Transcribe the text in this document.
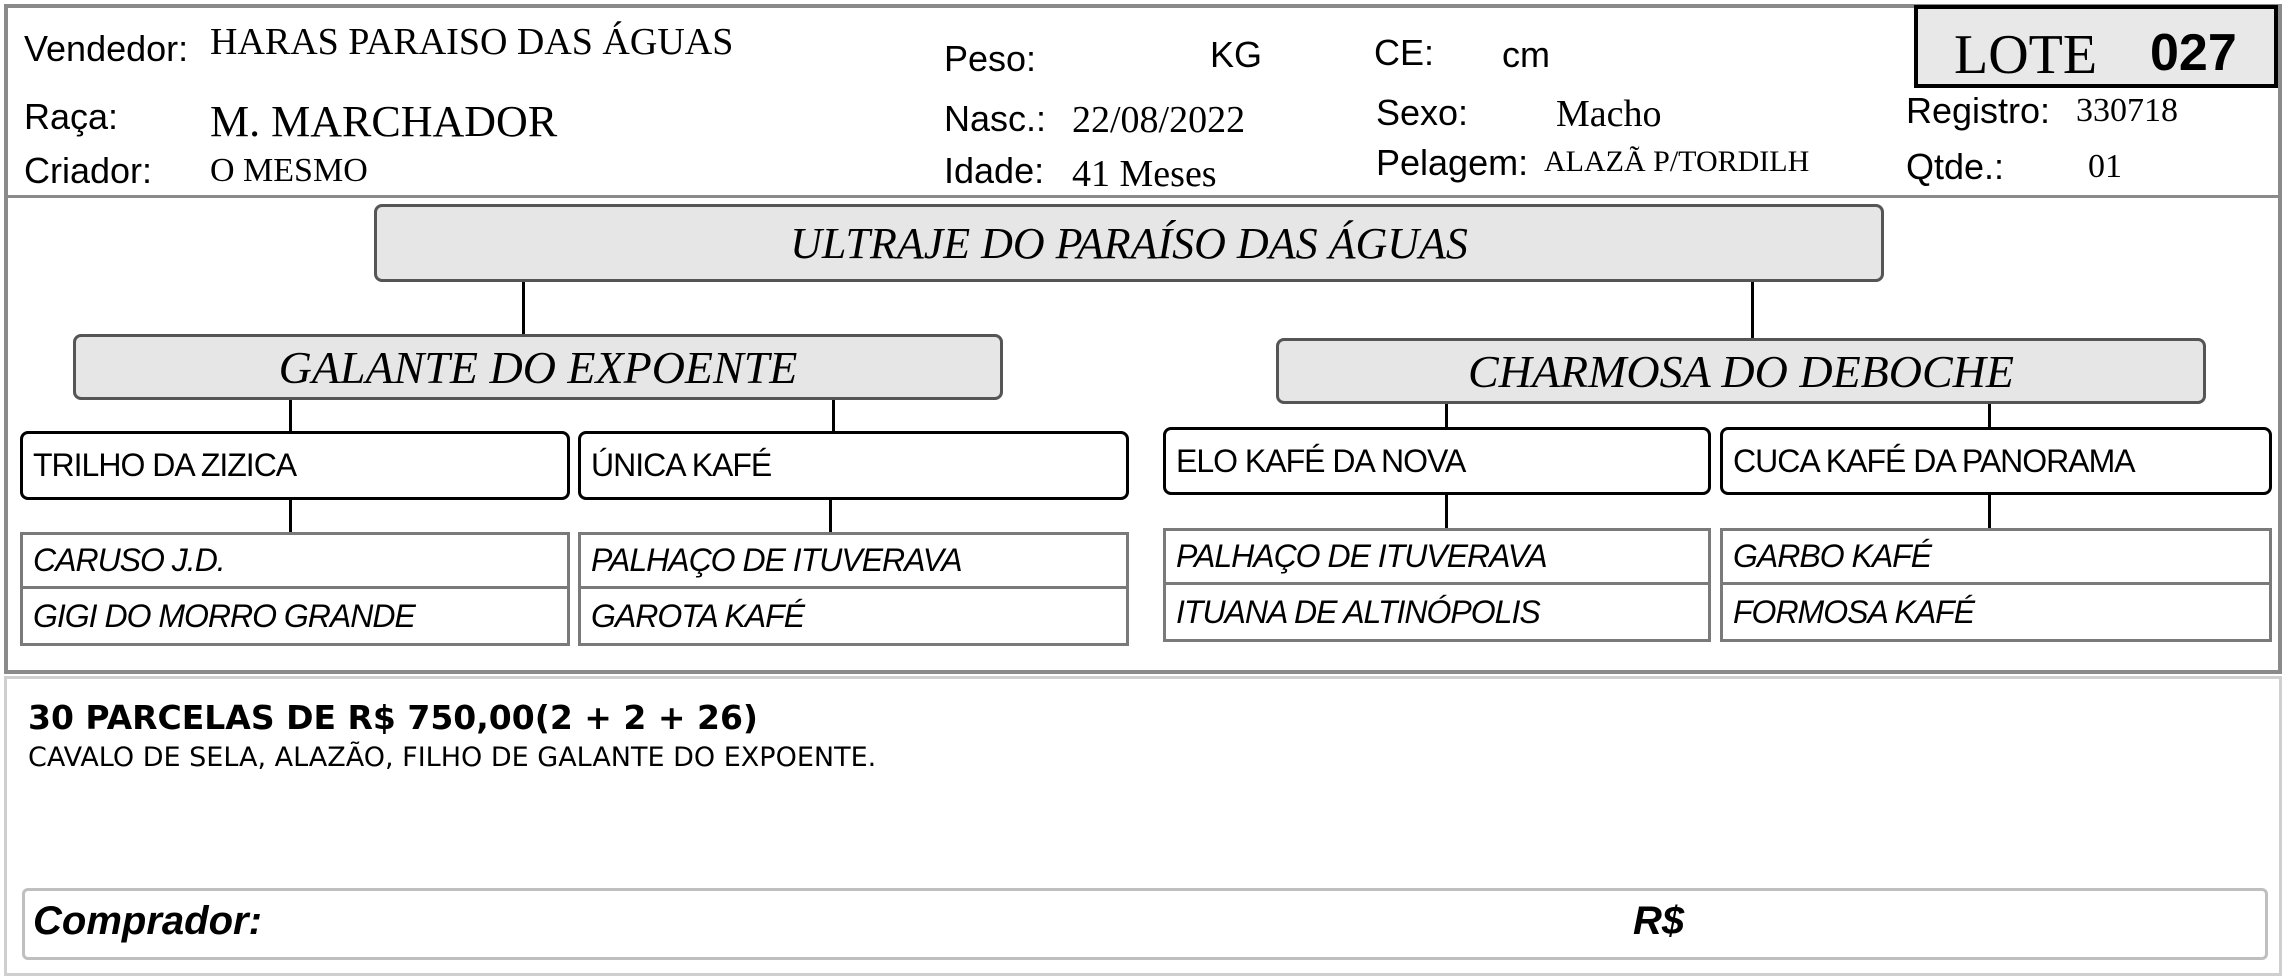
Vendedor: HARAS PARAISO DAS ÁGUAS
Raça: M. MARCHADOR
Criador: O MESMO
Peso:	KG
Nasc.: 22/08/2022
Idade: 41 Meses
CE: cm
Sexo: Macho
Pelagem: ALAZÃ P/TORDILH
LOTE 027
Registro: 330718
Qtde.: 01
ULTRAJE DO PARAÍSO DAS ÁGUAS
GALANTE DO EXPOENTE	CHARMOSA DO DEBOCHE
TRILHO DA ZIZICA	ÚNICA KAFÉ	ELO KAFÉ DA NOVA	CUCA KAFÉ DA PANORAMA
CARUSO J.D.
GIGI DO MORRO GRANDE
PALHAÇO DE ITUVERAVA
GAROTA KAFÉ
PALHAÇO DE ITUVERAVA
ITUANA DE ALTINÓPOLIS
GARBO KAFÉ
FORMOSA KAFÉ
30 PARCELAS DE R$ 750,00(2 + 2 + 26)
CAVALO DE SELA, ALAZÃO, FILHO DE GALANTE DO EXPOENTE.
Comprador:	R$
